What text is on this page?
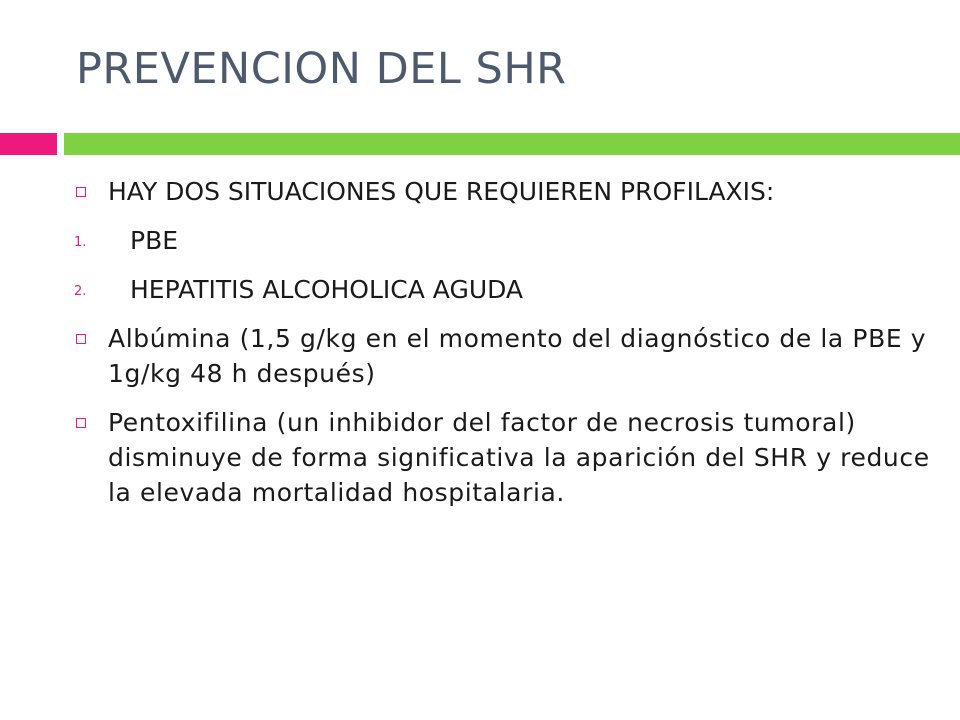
PREVENCION DEL SHR
HAY DOS SITUACIONES QUE REQUIEREN PROFILAXIS:
1. PBE
2. HEPATITIS ALCOHOLICA AGUDA
Albúmina (1,5 g/kg en el momento del diagnóstico de la PBE y 1g/kg 48 h después)
Pentoxifilina (un inhibidor del factor de necrosis tumoral) disminuye de forma significativa la aparición del SHR y reduce la elevada mortalidad hospitalaria.
